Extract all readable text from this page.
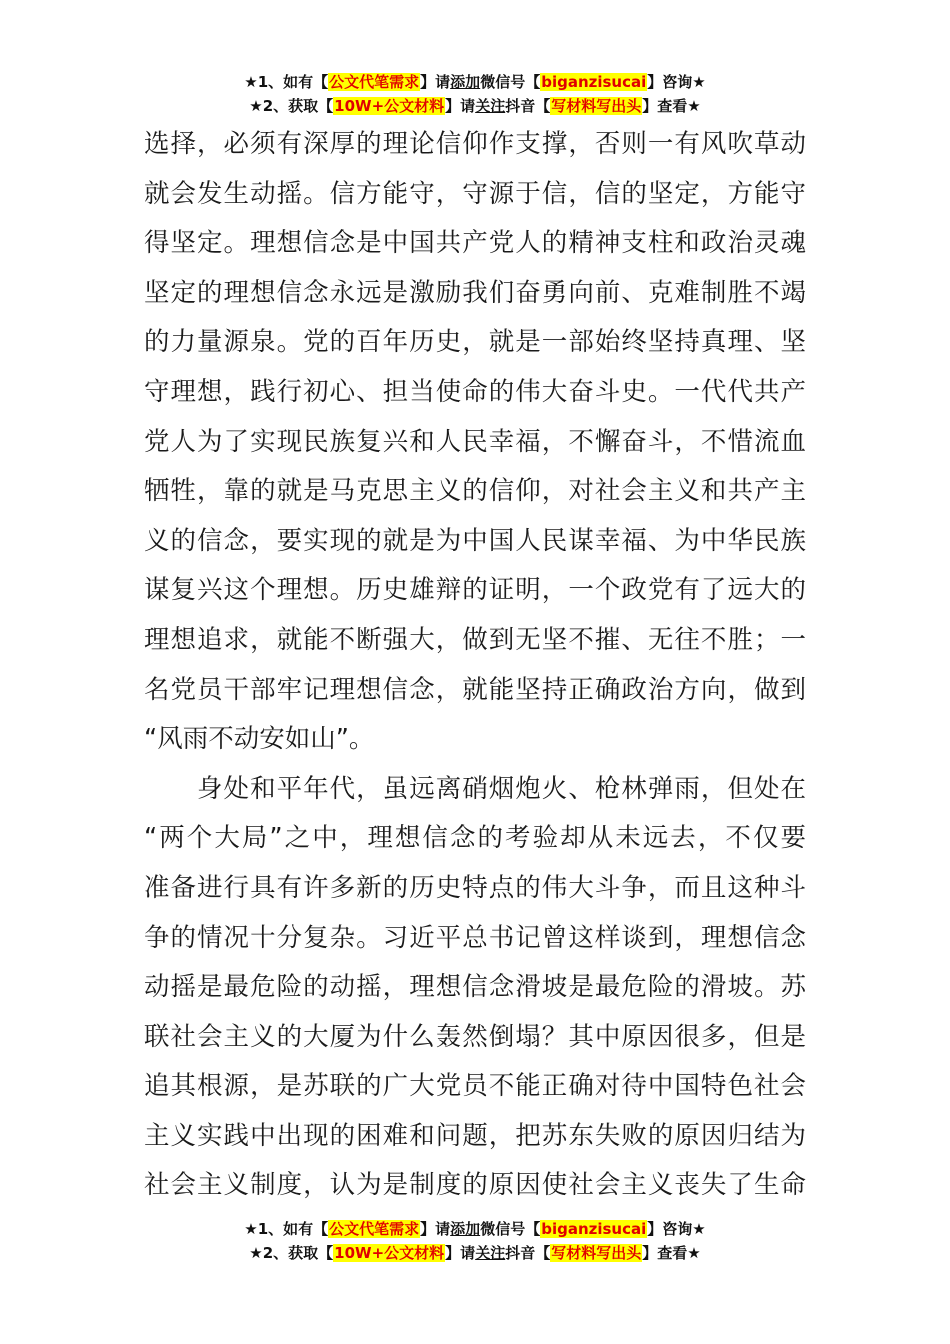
★1、如有【公文代笔需求】请添加微信号【biganzisucai】咨询★
★2、获取【10W+公文材料】请关注抖音【写材料写出头】查看★
选择，必须有深厚的理论信仰作支撑，否则一有风吹草动
就会发生动摇。信方能守，守源于信，信的坚定，方能守
得坚定。理想信念是中国共产党人的精神支柱和政治灵魂
坚定的理想信念永远是激励我们奋勇向前、克难制胜不竭
的力量源泉。党的百年历史，就是一部始终坚持真理、坚
守理想，践行初心、担当使命的伟大奋斗史。一代代共产
党人为了实现民族复兴和人民幸福，不懈奋斗，不惜流血
牺牲，靠的就是马克思主义的信仰，对社会主义和共产主
义的信念，要实现的就是为中国人民谋幸福、为中华民族
谋复兴这个理想。历史雄辩的证明，一个政党有了远大的
理想追求，就能不断强大，做到无坚不摧、无往不胜；一
名党员干部牢记理想信念，就能坚持正确政治方向，做到
“风雨不动安如山”。
　　身处和平年代，虽远离硝烟炮火、枪林弹雨，但处在
“两个大局”之中，理想信念的考验却从未远去，不仅要
准备进行具有许多新的历史特点的伟大斗争，而且这种斗
争的情况十分复杂。习近平总书记曾这样谈到，理想信念
动摇是最危险的动摇，理想信念滑坡是最危险的滑坡。苏
联社会主义的大厦为什么轰然倒塌？其中原因很多，但是
追其根源，是苏联的广大党员不能正确对待中国特色社会
主义实践中出现的困难和问题，把苏东失败的原因归结为
社会主义制度，认为是制度的原因使社会主义丧失了生命
★1、如有【公文代笔需求】请添加微信号【biganzisucai】咨询★
★2、获取【10W+公文材料】请关注抖音【写材料写出头】查看★
